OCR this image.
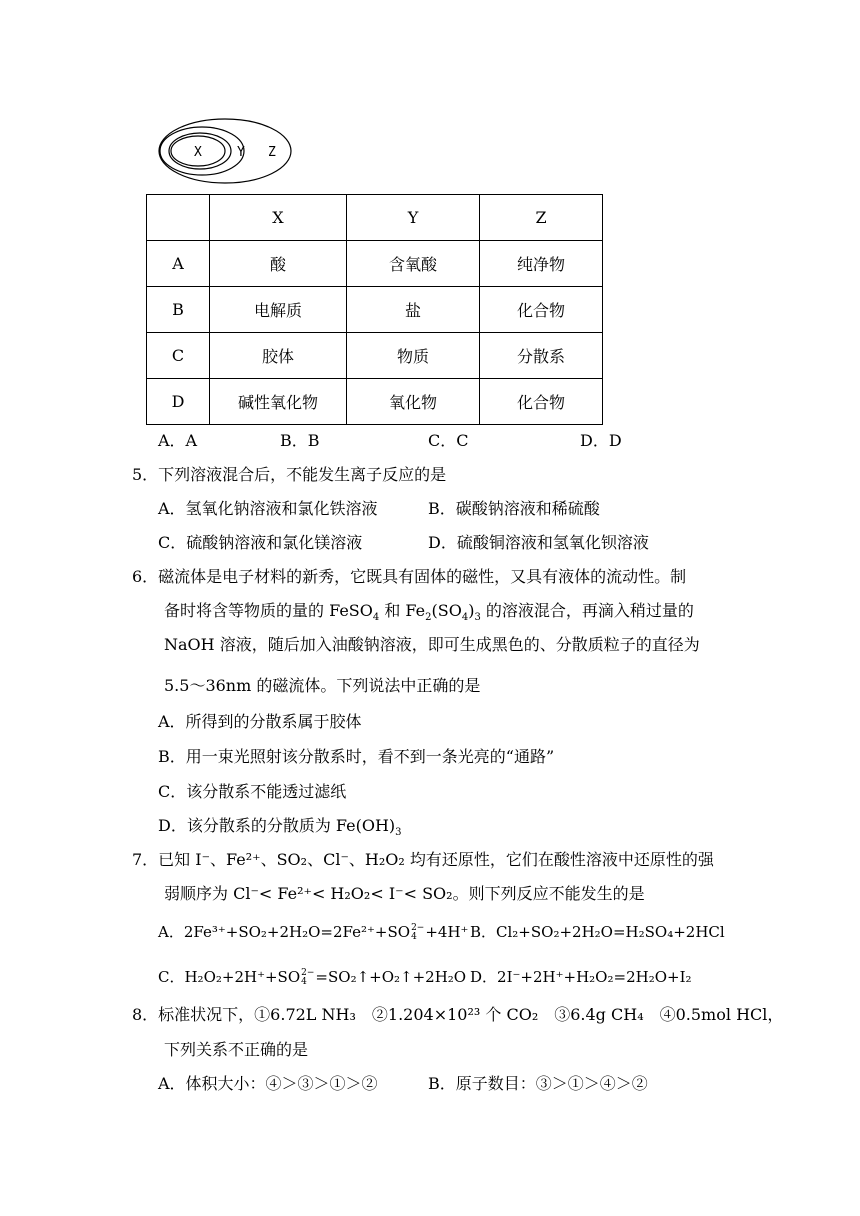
X	Y Z
	X	Y	Z
A	酸	含氧酸	纯净物
B	电解质	盐	化合物
C	胶体	物质	分散系
D	碱性氧化物	氧化物	化合物
A．A	B．B	C．C	D．D
5．下列溶液混合后，不能发生离子反应的是
A．氢氧化钠溶液和氯化铁溶液	B．碳酸钠溶液和稀硫酸
C．硫酸钠溶液和氯化镁溶液	D．硫酸铜溶液和氢氧化钡溶液
6．磁流体是电子材料的新秀，它既具有固体的磁性，又具有液体的流动性。制
备时将含等物质的量的 FeSO$_4$ 和 $Fe_2(SO_4)_3$ 的溶液混合，再滴入稍过量的
NaOH 溶液，随后加入油酸钠溶液，即可生成黑色的、分散质粒子的直径为
5.5～36nm 的磁流体。下列说法中正确的是
A．所得到的分散系属于胶体
B．用一束光照射该分散系时，看不到一条光亮的“通路”
C．该分散系不能透过滤纸
D．该分散系的分散质为 $Fe(OH)_3$
7．已知 I⁻、Fe²⁺、SO₂、Cl⁻、H₂O₂ 均有还原性，它们在酸性溶液中还原性的强
弱顺序为 Cl⁻< Fe²⁺< H₂O₂< I⁻< SO₂。则下列反应不能发生的是
A．2Fe³⁺+SO₂+2H₂O=2Fe²⁺+SO 2−
4 +4H⁺ B．Cl₂+SO₂+2H₂O=H₂SO₄+2HCl
C．H₂O₂+2H⁺+SO 2−
4 =SO₂↑+O₂↑+2H₂O D．2I⁻+2H⁺+H₂O₂=2H₂O+I₂
8．标准状况下，①6.72L NH₃　②1.204×10²³ 个 CO₂　③6.4g CH₄　④0.5mol HCl，
下列关系不正确的是
A．体积大小：④＞③＞①＞②	B．原子数目：③＞①＞④＞②
